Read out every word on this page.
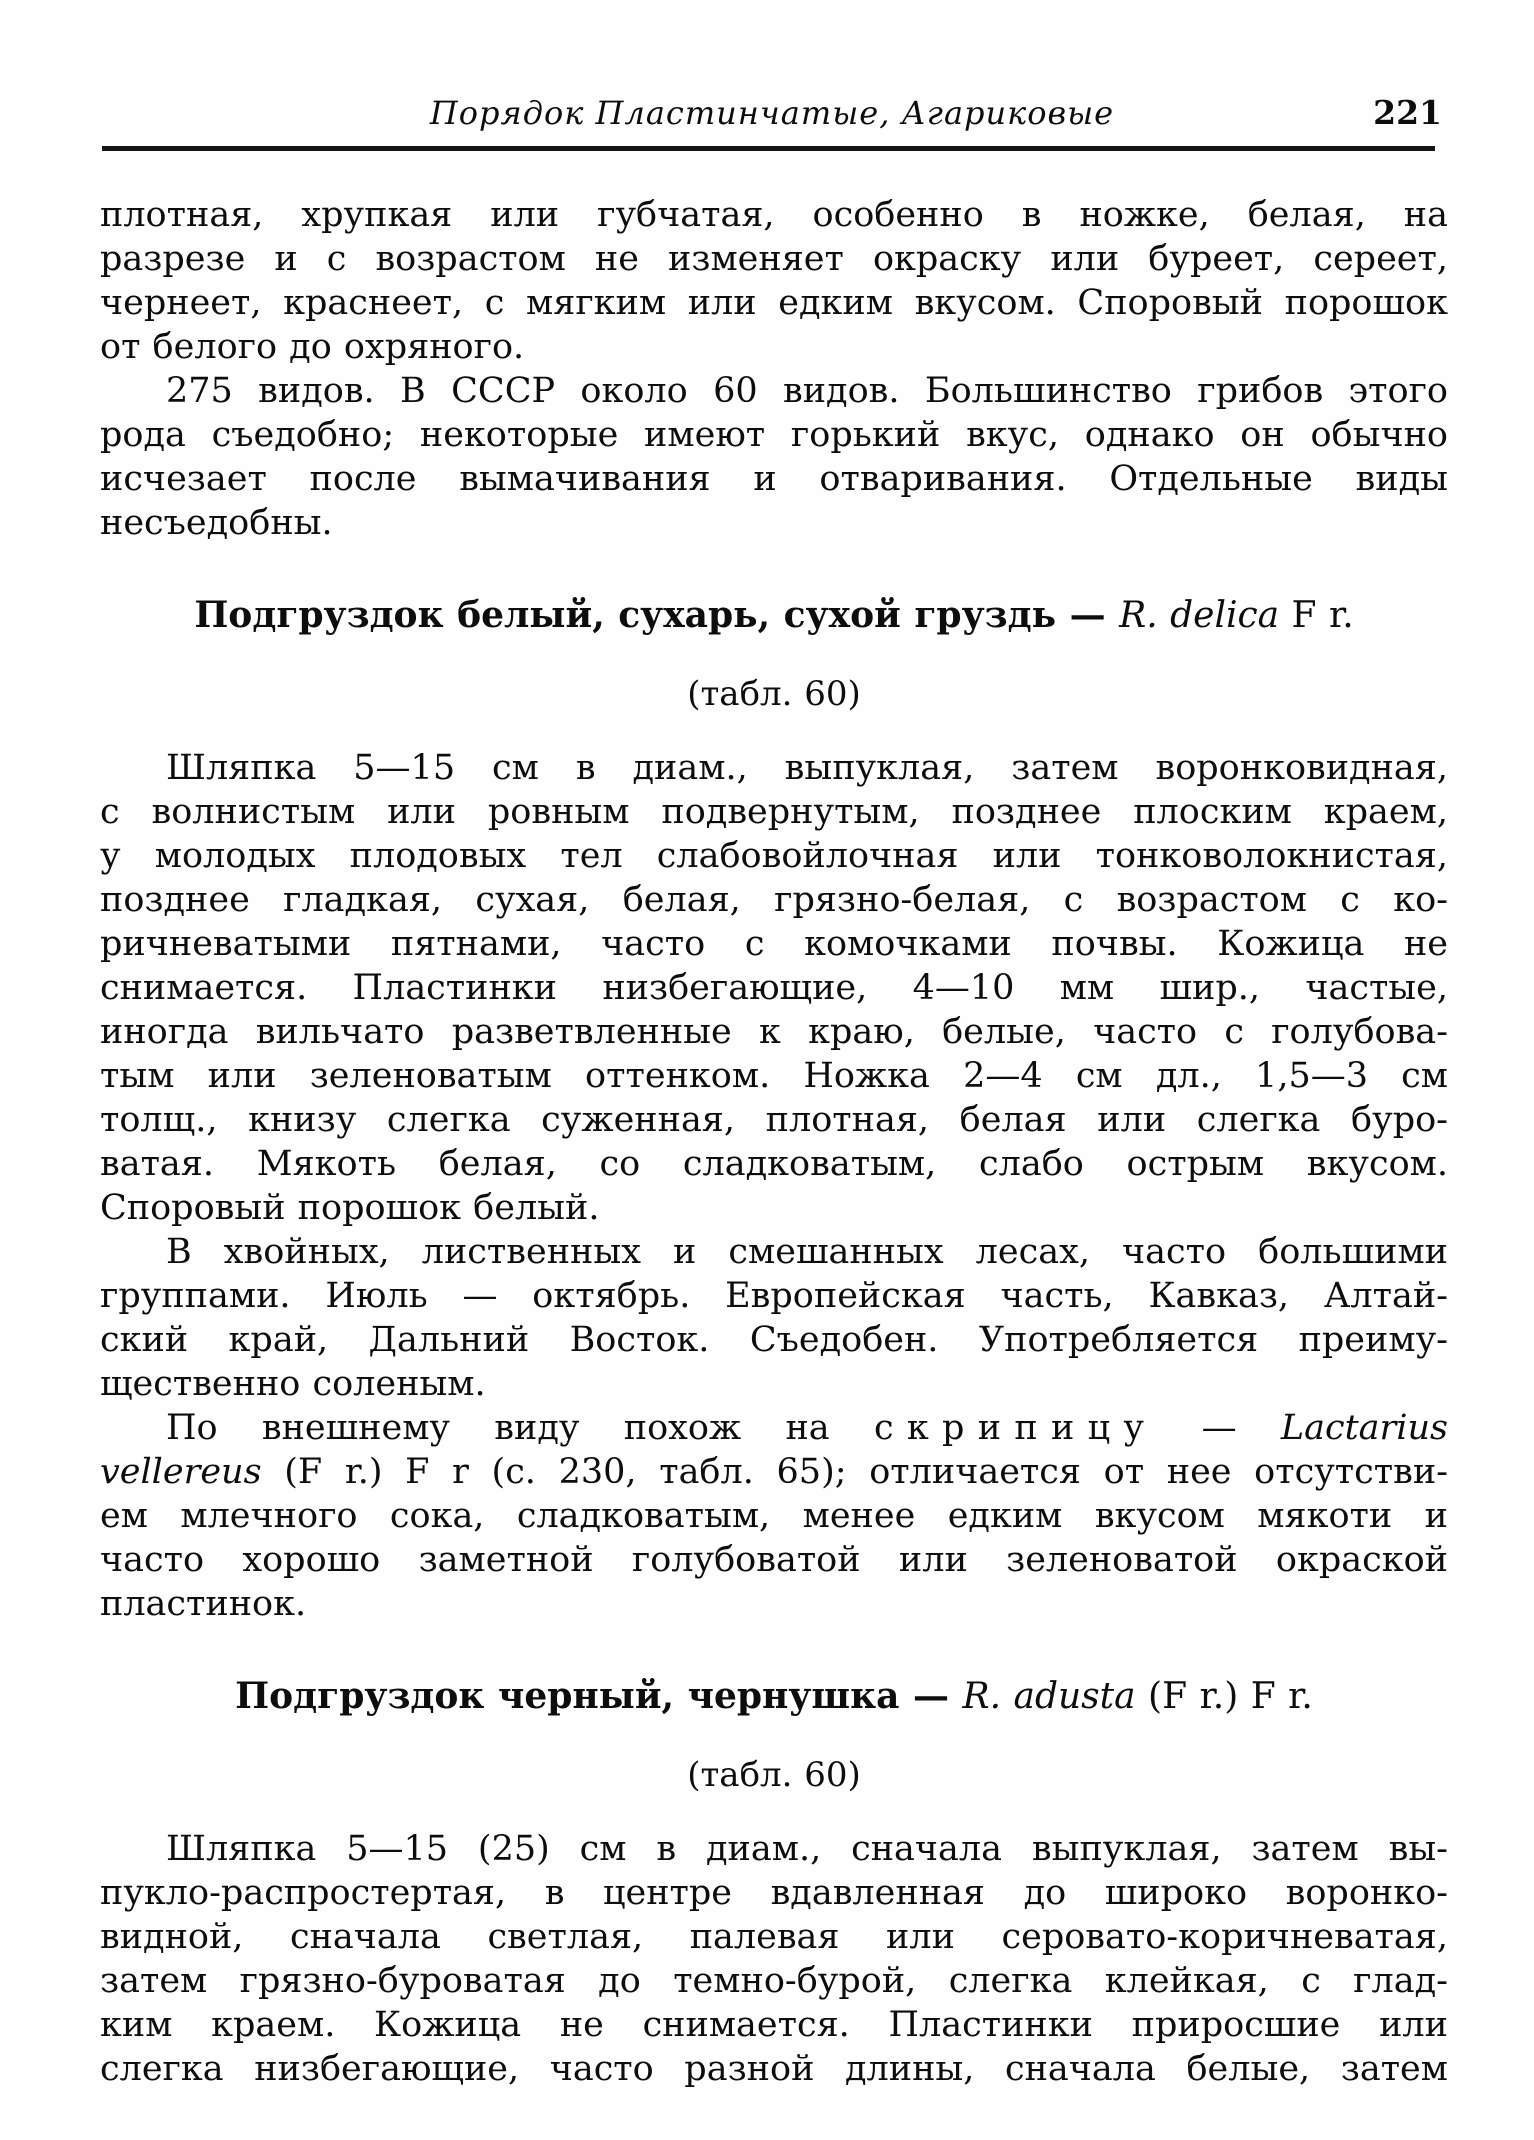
Порядок Пластинчатые, Агариковые	221
плотная, хрупкая или губчатая, особенно в ножке, белая, на
разрезе и с возрастом не изменяет окраску или буреет, сереет,
чернеет, краснеет, с мягким или едким вкусом. Споровый порошок
от белого до охряного.
275 видов. В СССР около 60 видов. Большинство грибов этого
рода съедобно; некоторые имеют горький вкус, однако он обычно
исчезает после вымачивания и отваривания. Отдельные виды
несъедобны.
Подгруздок белый, сухарь, сухой груздь — R. delica F r.
(табл. 60)
Шляпка 5—15 см в диам., выпуклая, затем воронковидная,
с волнистым или ровным подвернутым, позднее плоским краем,
у молодых плодовых тел слабовойлочная или тонковолокнистая,
позднее гладкая, сухая, белая, грязно-белая, с возрастом с ко-
ричневатыми пятнами, часто с комочками почвы. Кожица не
снимается. Пластинки низбегающие, 4—10 мм шир., частые,
иногда вильчато разветвленные к краю, белые, часто с голубова-
тым или зеленоватым оттенком. Ножка 2—4 см дл., 1,5—3 см
толщ., книзу слегка суженная, плотная, белая или слегка буро-
ватая. Мякоть белая, со сладковатым, слабо острым вкусом.
Споровый порошок белый.
В хвойных, лиственных и смешанных лесах, часто большими
группами. Июль — октябрь. Европейская часть, Кавказ, Алтай-
ский край, Дальний Восток. Съедобен. Употребляется преиму-
щественно соленым.
По внешнему виду похож на скрипицу — Lactarius
vellereus (F r.) F r (с. 230, табл. 65); отличается от нее отсутстви-
ем млечного сока, сладковатым, менее едким вкусом мякоти и
часто хорошо заметной голубоватой или зеленоватой окраской
пластинок.
Подгруздок черный, чернушка — R. adusta (F r.) F r.
(табл. 60)
Шляпка 5—15 (25) см в диам., сначала выпуклая, затем вы-
пукло-распростертая, в центре вдавленная до широко воронко-
видной, сначала светлая, палевая или серовато-коричневатая,
затем грязно-буроватая до темно-бурой, слегка клейкая, с глад-
ким краем. Кожица не снимается. Пластинки приросшие или
слегка низбегающие, часто разной длины, сначала белые, затем
